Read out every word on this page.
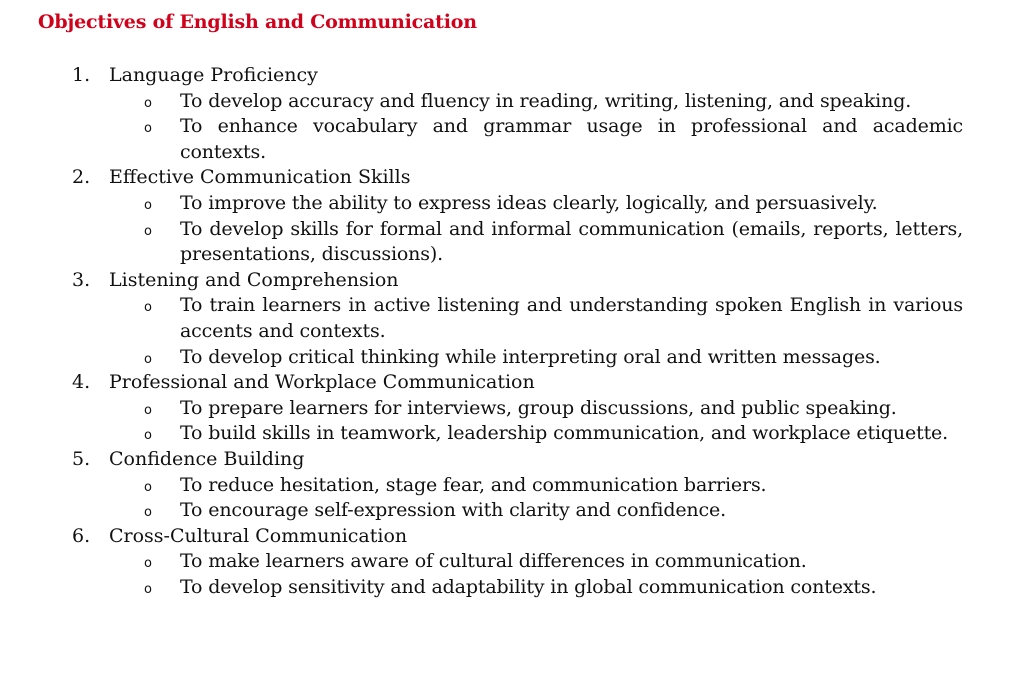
Objectives of English and Communication
1. Language Proficiency
o	To develop accuracy and fluency in reading, writing, listening, and speaking.
o	To enhance vocabulary and grammar usage in professional and academic contexts.
2. Effective Communication Skills
o	To improve the ability to express ideas clearly, logically, and persuasively.
o	To develop skills for formal and informal communication (emails, reports, letters, presentations, discussions).
3. Listening and Comprehension
o	To train learners in active listening and understanding spoken English in various accents and contexts.
o	To develop critical thinking while interpreting oral and written messages.
4. Professional and Workplace Communication
o	To prepare learners for interviews, group discussions, and public speaking.
o	To build skills in teamwork, leadership communication, and workplace etiquette.
5. Confidence Building
o	To reduce hesitation, stage fear, and communication barriers.
o	To encourage self-expression with clarity and confidence.
6. Cross-Cultural Communication
o	To make learners aware of cultural differences in communication.
o	To develop sensitivity and adaptability in global communication contexts.
